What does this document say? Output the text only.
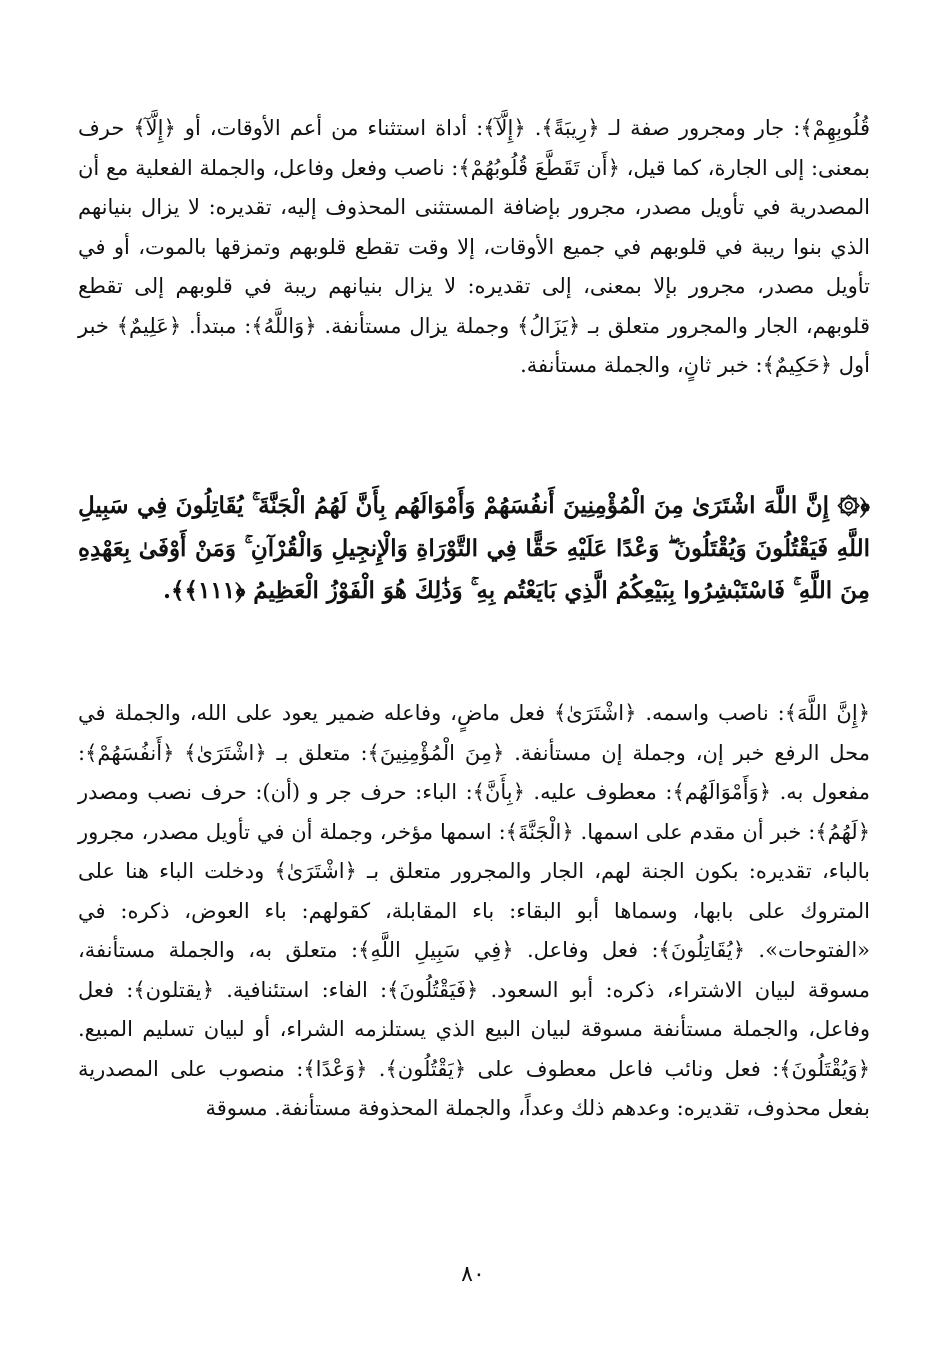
قُلُوبِهِمْ﴾: جار ومجرور صفة لـ ﴿رِيبَةً﴾. ﴿إِلَّآ﴾: أداة استثناء من أعم الأوقات، أو ﴿إِلَّآ﴾ حرف بمعنى: إلى الجارة، كما قيل، ﴿أَن تَقَطَّعَ قُلُوبُهُمْ﴾: ناصب وفعل وفاعل، والجملة الفعلية مع أن المصدرية في تأويل مصدر، مجرور بإضافة المستثنى المحذوف إليه، تقديره: لا يزال بنيانهم الذي بنوا ريبة في قلوبهم في جميع الأوقات، إلا وقت تقطع قلوبهم وتمزقها بالموت، أو في تأويل مصدر، مجرور بإلا بمعنى، إلى تقديره: لا يزال بنيانهم ريبة في قلوبهم إلى تقطع قلوبهم، الجار والمجرور متعلق بـ ﴿يَزَالُ﴾ وجملة يزال مستأنفة. ﴿وَاللَّهُ﴾: مبتدأ. ﴿عَلِيمٌ﴾ خبر أول ﴿حَكِيمٌ﴾: خبر ثانٍ، والجملة مستأنفة.

﴿۞ إِنَّ اللَّهَ اشْتَرَىٰ مِنَ الْمُؤْمِنِينَ أَنفُسَهُمْ وَأَمْوَالَهُم بِأَنَّ لَهُمُ الْجَنَّةَ ۚ يُقَاتِلُونَ فِي سَبِيلِ اللَّهِ فَيَقْتُلُونَ وَيُقْتَلُونَ ۖ وَعْدًا عَلَيْهِ حَقًّا فِي التَّوْرَاةِ وَالْإِنجِيلِ وَالْقُرْآنِ ۚ وَمَنْ أَوْفَىٰ بِعَهْدِهِ مِنَ اللَّهِ ۚ فَاسْتَبْشِرُوا بِبَيْعِكُمُ الَّذِي بَايَعْتُم بِهِ ۚ وَذَٰلِكَ هُوَ الْفَوْزُ الْعَظِيمُ ﴿١١١﴾﴾.

﴿إِنَّ اللَّهَ﴾: ناصب واسمه. ﴿اشْتَرَىٰ﴾ فعل ماضٍ، وفاعله ضمير يعود على الله، والجملة في محل الرفع خبر إن، وجملة إن مستأنفة. ﴿مِنَ الْمُؤْمِنِينَ﴾: متعلق بـ ﴿اشْتَرَىٰ﴾ ﴿أَنفُسَهُمْ﴾: مفعول به. ﴿وَأَمْوَالَهُم﴾: معطوف عليه. ﴿بِأَنَّ﴾: الباء: حرف جر و (أن): حرف نصب ومصدر ﴿لَهُمُ﴾: خبر أن مقدم على اسمها. ﴿الْجَنَّةَ﴾: اسمها مؤخر، وجملة أن في تأويل مصدر، مجرور بالباء، تقديره: بكون الجنة لهم، الجار والمجرور متعلق بـ ﴿اشْتَرَىٰ﴾ ودخلت الباء هنا على المتروك على بابها، وسماها أبو البقاء: باء المقابلة، كقولهم: باء العوض، ذكره: في «الفتوحات». ﴿يُقَاتِلُونَ﴾: فعل وفاعل. ﴿فِي سَبِيلِ اللَّهِ﴾: متعلق به، والجملة مستأنفة، مسوقة لبيان الاشتراء، ذكره: أبو السعود. ﴿فَيَقْتُلُونَ﴾: الفاء: استئنافية. ﴿يقتلون﴾: فعل وفاعل، والجملة مستأنفة مسوقة لبيان البيع الذي يستلزمه الشراء، أو لبيان تسليم المبيع. ﴿وَيُقْتَلُونَ﴾: فعل ونائب فاعل معطوف على ﴿يَقْتُلُون﴾. ﴿وَعْدًا﴾: منصوب على المصدرية بفعل محذوف، تقديره: وعدهم ذلك وعداً، والجملة المحذوفة مستأنفة. مسوقة

٨٠
